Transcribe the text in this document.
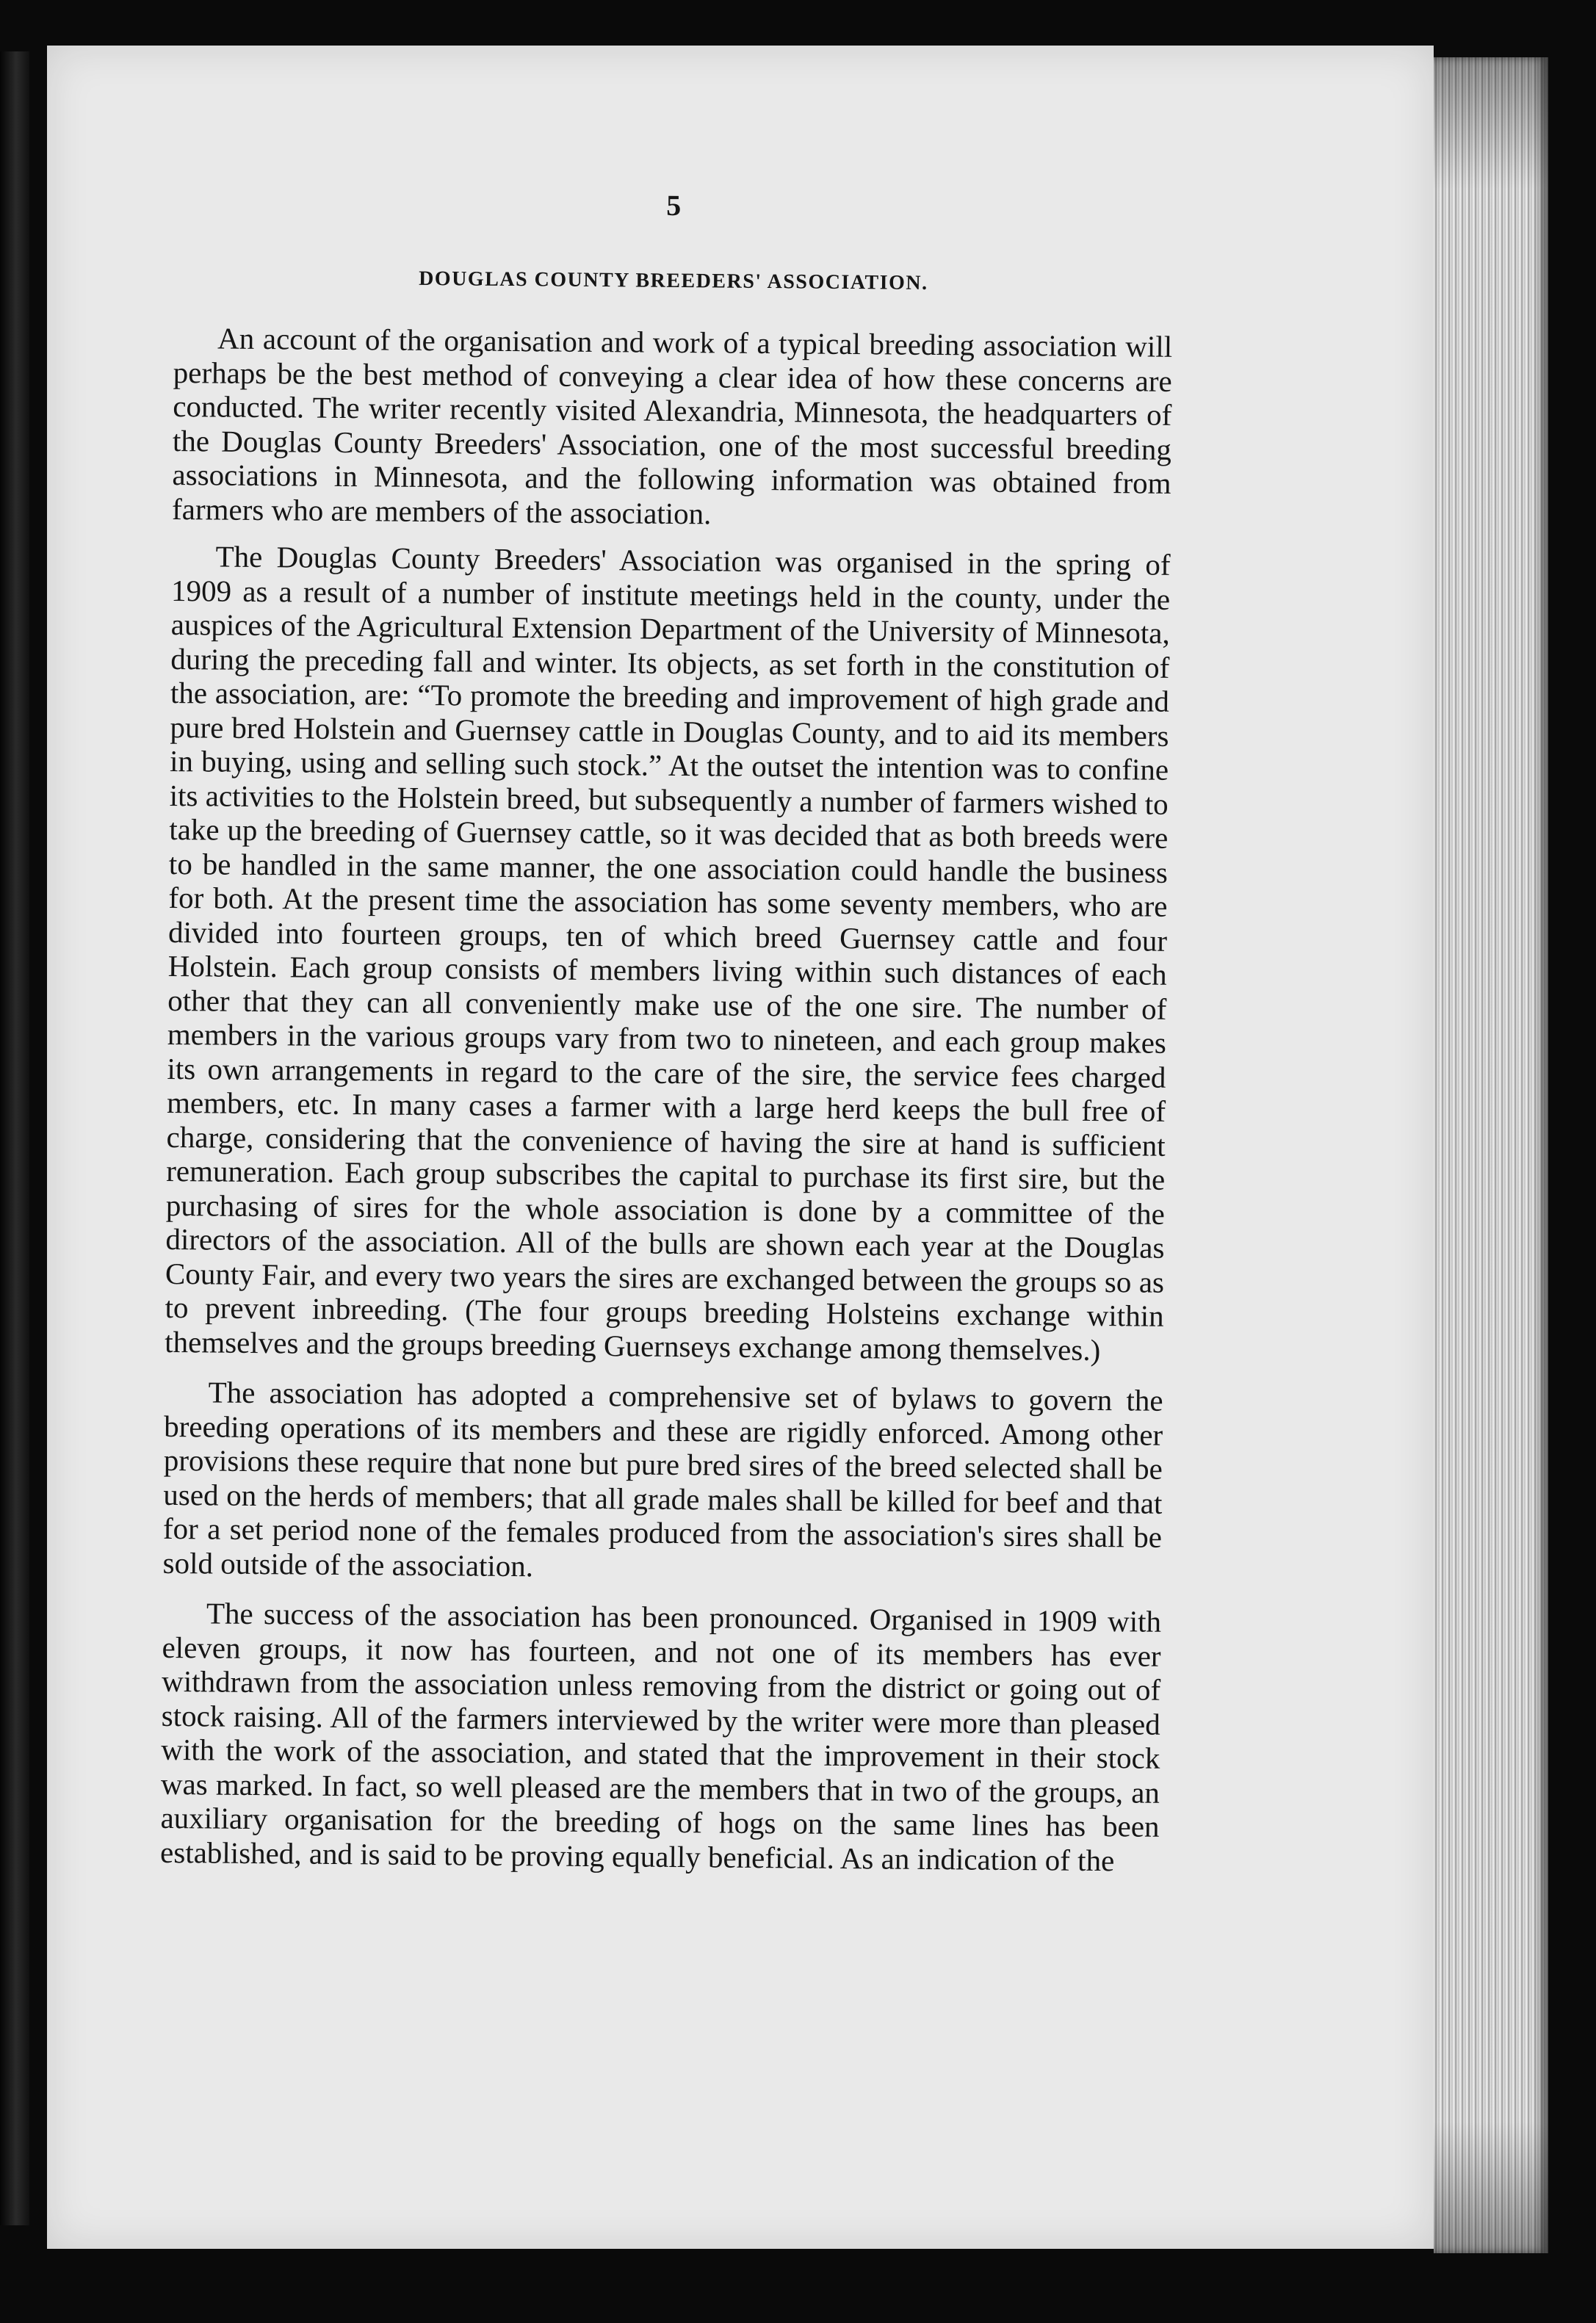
5
DOUGLAS COUNTY BREEDERS' ASSOCIATION.

An account of the organisation and work of a typical breeding association will perhaps be the best method of conveying a clear idea of how these concerns are conducted. The writer recently visited Alexandria, Minnesota, the headquarters of the Douglas County Breeders' Association, one of the most successful breeding associations in Minnesota, and the following information was obtained from farmers who are members of the association.

The Douglas County Breeders' Association was organised in the spring of 1909 as a result of a number of institute meetings held in the county, under the auspices of the Agricultural Extension Department of the University of Minnesota, during the preceding fall and winter. Its objects, as set forth in the constitution of the association, are: “To promote the breeding and improvement of high grade and pure bred Holstein and Guernsey cattle in Douglas County, and to aid its members in buying, using and selling such stock.” At the outset the intention was to confine its activities to the Holstein breed, but subsequently a number of farmers wished to take up the breeding of Guernsey cattle, so it was decided that as both breeds were to be handled in the same manner, the one association could handle the business for both. At the present time the association has some seventy members, who are divided into fourteen groups, ten of which breed Guernsey cattle and four Holstein. Each group consists of members living within such distances of each other that they can all conveniently make use of the one sire. The number of members in the various groups vary from two to nineteen, and each group makes its own arrangements in regard to the care of the sire, the service fees charged members, etc. In many cases a farmer with a large herd keeps the bull free of charge, considering that the convenience of having the sire at hand is sufficient remuneration. Each group subscribes the capital to purchase its first sire, but the purchasing of sires for the whole association is done by a committee of the directors of the association. All of the bulls are shown each year at the Douglas County Fair, and every two years the sires are exchanged between the groups so as to prevent inbreeding. (The four groups breeding Holsteins exchange within themselves and the groups breeding Guernseys exchange among themselves.)

The association has adopted a comprehensive set of bylaws to govern the breeding operations of its members and these are rigidly enforced. Among other provisions these require that none but pure bred sires of the breed selected shall be used on the herds of members; that all grade males shall be killed for beef and that for a set period none of the females produced from the association's sires shall be sold outside of the association.

The success of the association has been pronounced. Organised in 1909 with eleven groups, it now has fourteen, and not one of its members has ever withdrawn from the association unless removing from the district or going out of stock raising. All of the farmers interviewed by the writer were more than pleased with the work of the association, and stated that the improvement in their stock was marked. In fact, so well pleased are the members that in two of the groups, an auxiliary organisation for the breeding of hogs on the same lines has been established, and is said to be proving equally beneficial. As an indication of the
